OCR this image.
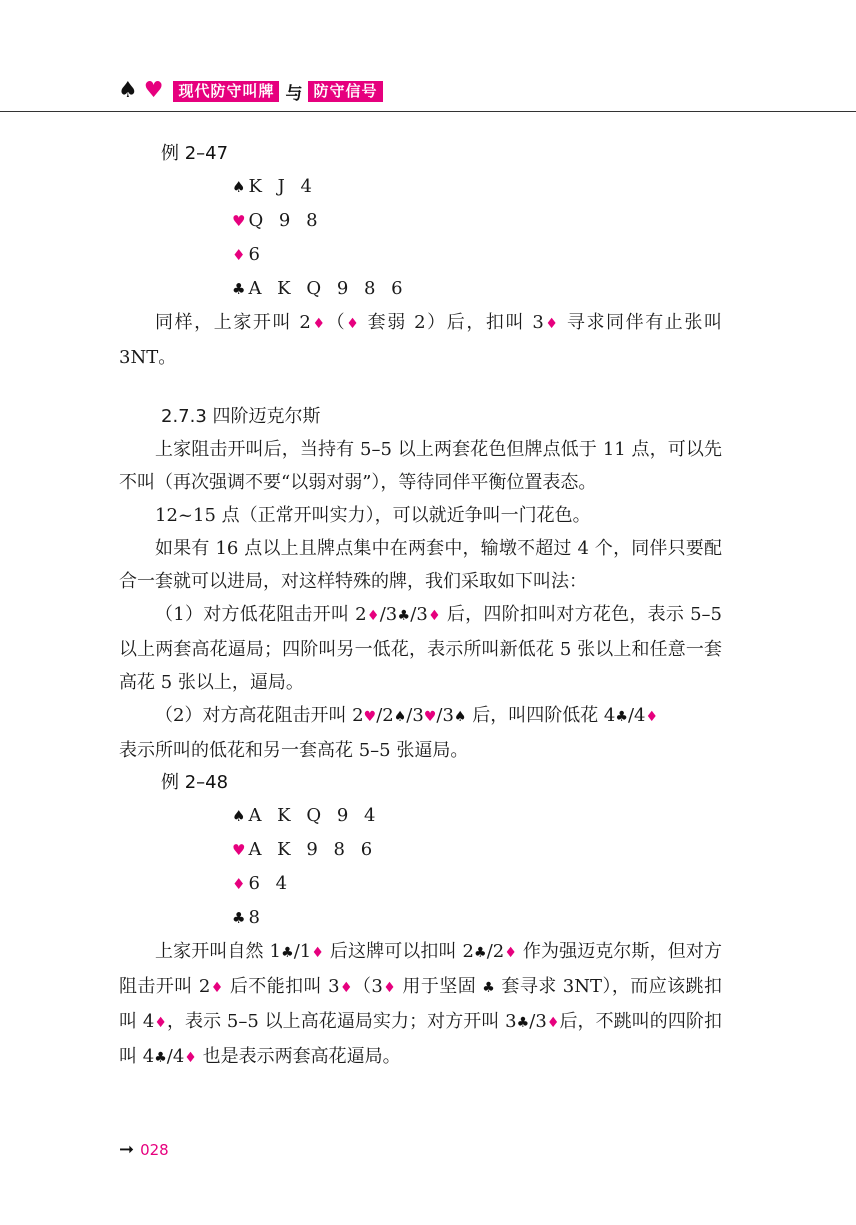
♠ ♥	现代防守叫牌 与 防守信号
例 2–47
♠ K J 4
♥ Q 9 8
♦ 6
♣ A K Q 9 8 6

同样，上家开叫 2♦（♦ 套弱 2）后，扣叫 3♦ 寻求同伴有止张叫 3NT。

2.7.3 四阶迈克尔斯

上家阻击开叫后，当持有 5–5 以上两套花色但牌点低于 11 点，可以先不叫（再次强调不要“以弱对弱”），等待同伴平衡位置表态。

12~15 点（正常开叫实力），可以就近争叫一门花色。

如果有 16 点以上且牌点集中在两套中，输墩不超过 4 个，同伴只要配合一套就可以进局，对这样特殊的牌，我们采取如下叫法：

（1）对方低花阻击开叫 2♦/3♣/3♦ 后，四阶扣叫对方花色，表示 5–5 以上两套高花逼局；四阶叫另一低花，表示所叫新低花 5 张以上和任意一套高花 5 张以上，逼局。

（2）对方高花阻击开叫 2♥/2♠/3♥/3♠ 后，叫四阶低花 4♣/4♦
表示所叫的低花和另一套高花 5–5 张逼局。

例 2–48
♠ A K Q 9 4
♥ A K 9 8 6
♦ 6 4
♣ 8

上家开叫自然 1♣/1♦ 后这牌可以扣叫 2♣/2♦ 作为强迈克尔斯，但对方阻击开叫 2♦ 后不能扣叫 3♦（3♦ 用于坚固 ♣ 套寻求 3NT），而应该跳扣叫 4♦，表示 5–5 以上高花逼局实力；对方开叫 3♣/3♦后，不跳叫的四阶扣叫 4♣/4♦ 也是表示两套高花逼局。

➞ 028
